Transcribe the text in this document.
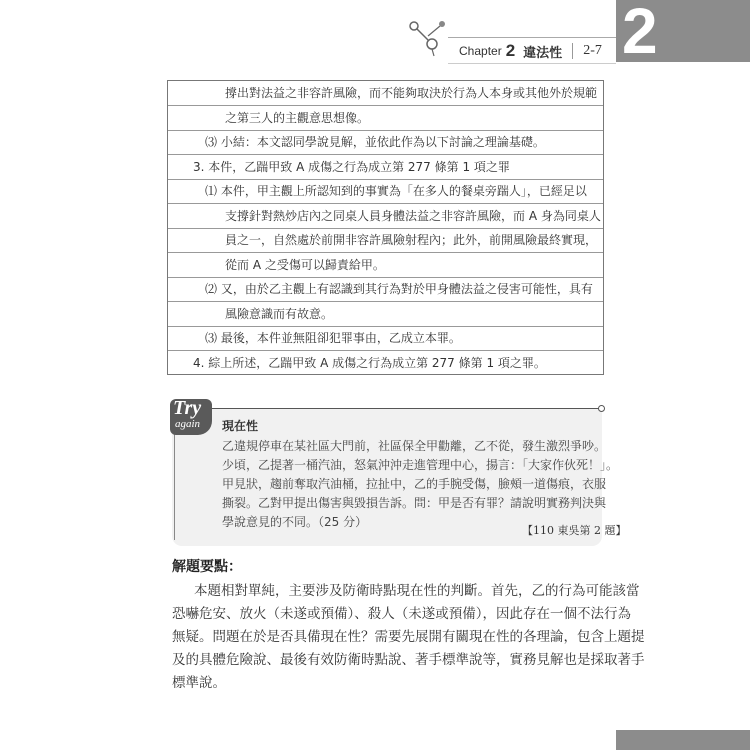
Chapter 2 違法性 2-7 2
撐出對法益之非容許風險，而不能夠取決於行為人本身或其他外於規範
之第三人的主觀意思想像。
⑶ 小結：本文認同學說見解，並依此作為以下討論之理論基礎。
3. 本件，乙踹甲致 A 成傷之行為成立第 277 條第 1 項之罪
⑴ 本件，甲主觀上所認知到的事實為「在多人的餐桌旁踹人」，已經足以
支撐針對熱炒店內之同桌人員身體法益之非容許風險，而 A 身為同桌人
員之一，自然處於前開非容許風險射程內；此外，前開風險最終實現，
從而 A 之受傷可以歸責給甲。
⑵ 又，由於乙主觀上有認識到其行為對於甲身體法益之侵害可能性，具有
風險意識而有故意。
⑶ 最後，本件並無阻卻犯罪事由，乙成立本罪。
4. 綜上所述，乙踹甲致 A 成傷之行為成立第 277 條第 1 項之罪。
Try
again 現在性
乙違規停車在某社區大門前，社區保全甲勸離，乙不從，發生激烈爭吵。
少頃，乙提著一桶汽油，怒氣沖沖走進管理中心，揚言：「大家作伙死！」。
甲見狀，趨前奪取汽油桶，拉扯中，乙的手腕受傷，臉頰一道傷痕，衣服
撕裂。乙對甲提出傷害與毀損告訴。問：甲是否有罪？請說明實務判決與
學說意見的不同。（25 分）
【110 東吳第 2 題】
解題要點：
本題相對單純，主要涉及防衛時點現在性的判斷。首先，乙的行為可能該當
恐嚇危安、放火（未遂或預備）、殺人（未遂或預備），因此存在一個不法行為
無疑。問題在於是否具備現在性？需要先展開有關現在性的各理論，包含上題提
及的具體危險說、最後有效防衛時點說、著手標準說等，實務見解也是採取著手
標準說。
